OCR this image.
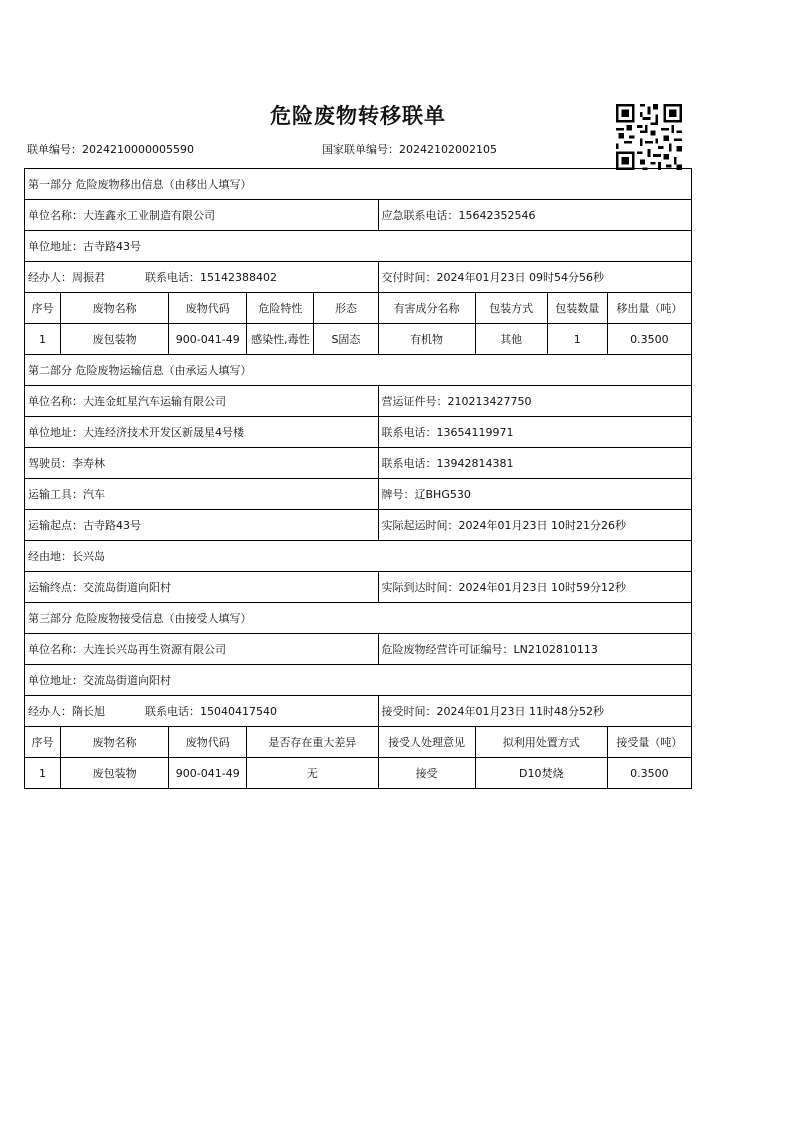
危险废物转移联单
联单编号：2024210000005590	国家联单编号：20242102002105
第一部分 危险废物移出信息（由移出人填写）								
单位名称：大连鑫永工业制造有限公司					应急联系电话：15642352546			
单位地址：古寺路43号								
经办人：周振君 联系电话：15142388402					交付时间：2024年01月23日 09时54分56秒			
序号	废物名称	废物代码	危险特性	形态	有害成分名称	包装方式	包装数量	移出量（吨）
1	废包装物	900-041-49	感染性,毒性	S固态	有机物	其他	1	0.3500
第二部分 危险废物运输信息（由承运人填写）								
单位名称：大连金虹星汽车运输有限公司					营运证件号：210213427750			
单位地址：大连经济技术开发区新晟星4号楼					联系电话：13654119971			
驾驶员：李寿林					联系电话：13942814381			
运输工具：汽车					牌号：辽BHG530			
运输起点：古寺路43号					实际起运时间：2024年01月23日 10时21分26秒			
经由地：长兴岛								
运输终点：交流岛街道向阳村					实际到达时间：2024年01月23日 10时59分12秒			
第三部分 危险废物接受信息（由接受人填写）								
单位名称：大连长兴岛再生资源有限公司					危险废物经营许可证编号：LN2102810113			
单位地址：交流岛街道向阳村								
经办人：隋长旭 联系电话：15040417540					接受时间：2024年01月23日 11时48分52秒			
序号	废物名称	废物代码	是否存在重大差异		接受人处理意见	拟利用处置方式		接受量（吨）
1	废包装物	900-041-49	无		接受	D10焚烧		0.3500
